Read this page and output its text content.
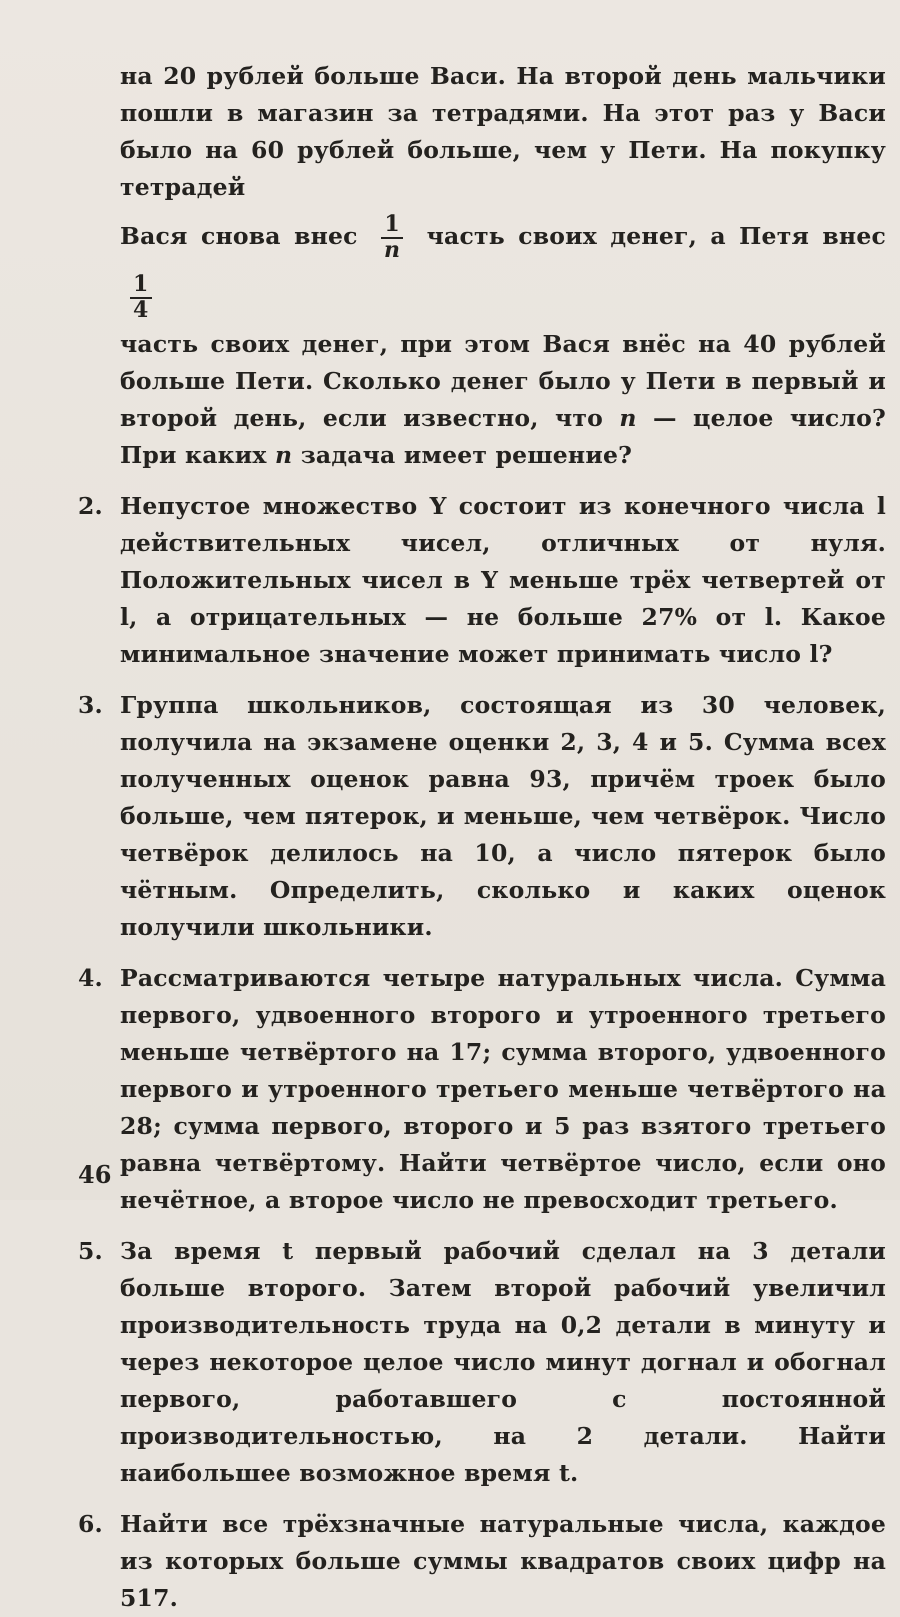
на 20 рублей больше Васи. На второй день мальчики пошли в магазин за тетрадями. На этот раз у Васи было на 60 рублей больше, чем у Пети. На покупку тетрадей

Вася снова внес $\frac{1}{n}$ часть своих денег, а Петя внес
$\frac{1}{4}$

часть своих денег, при этом Вася внёс на 40 рублей больше Пети. Сколько денег было у Пети в первый и второй день, если известно, что n — целое число? При каких n задача имеет решение?

2. Непустое множество Y состоит из конечного числа l действительных чисел, отличных от нуля. Положительных чисел в Y меньше трёх четвертей от l, а отрицательных — не больше 27% от l. Какое минимальное значение может принимать число l?
3. Группа школьников, состоящая из 30 человек, получила на экзамене оценки 2, 3, 4 и 5. Сумма всех полученных оценок равна 93, причём троек было больше, чем пятерок, и меньше, чем четвёрок. Число четвёрок делилось на 10, а число пятерок было чётным. Определить, сколько и каких оценок получили школьники.
4. Рассматриваются четыре натуральных числа. Сумма первого, удвоенного второго и утроенного третьего меньше четвёртого на 17; сумма второго, удвоенного первого и утроенного третьего меньше четвёртого на 28; сумма первого, второго и 5 раз взятого третьего равна четвёртому. Найти четвёртое число, если оно нечётное, а второе число не превосходит третьего.
5. За время t первый рабочий сделал на 3 детали больше второго. Затем второй рабочий увеличил производительность труда на 0,2 детали в минуту и через некоторое целое число минут догнал и обогнал первого, работавшего с постоянной производительностью, на 2 детали. Найти наибольшее возможное время t.
6. Найти все трёхзначные натуральные числа, каждое из которых больше суммы квадратов своих цифр на 517.
46
